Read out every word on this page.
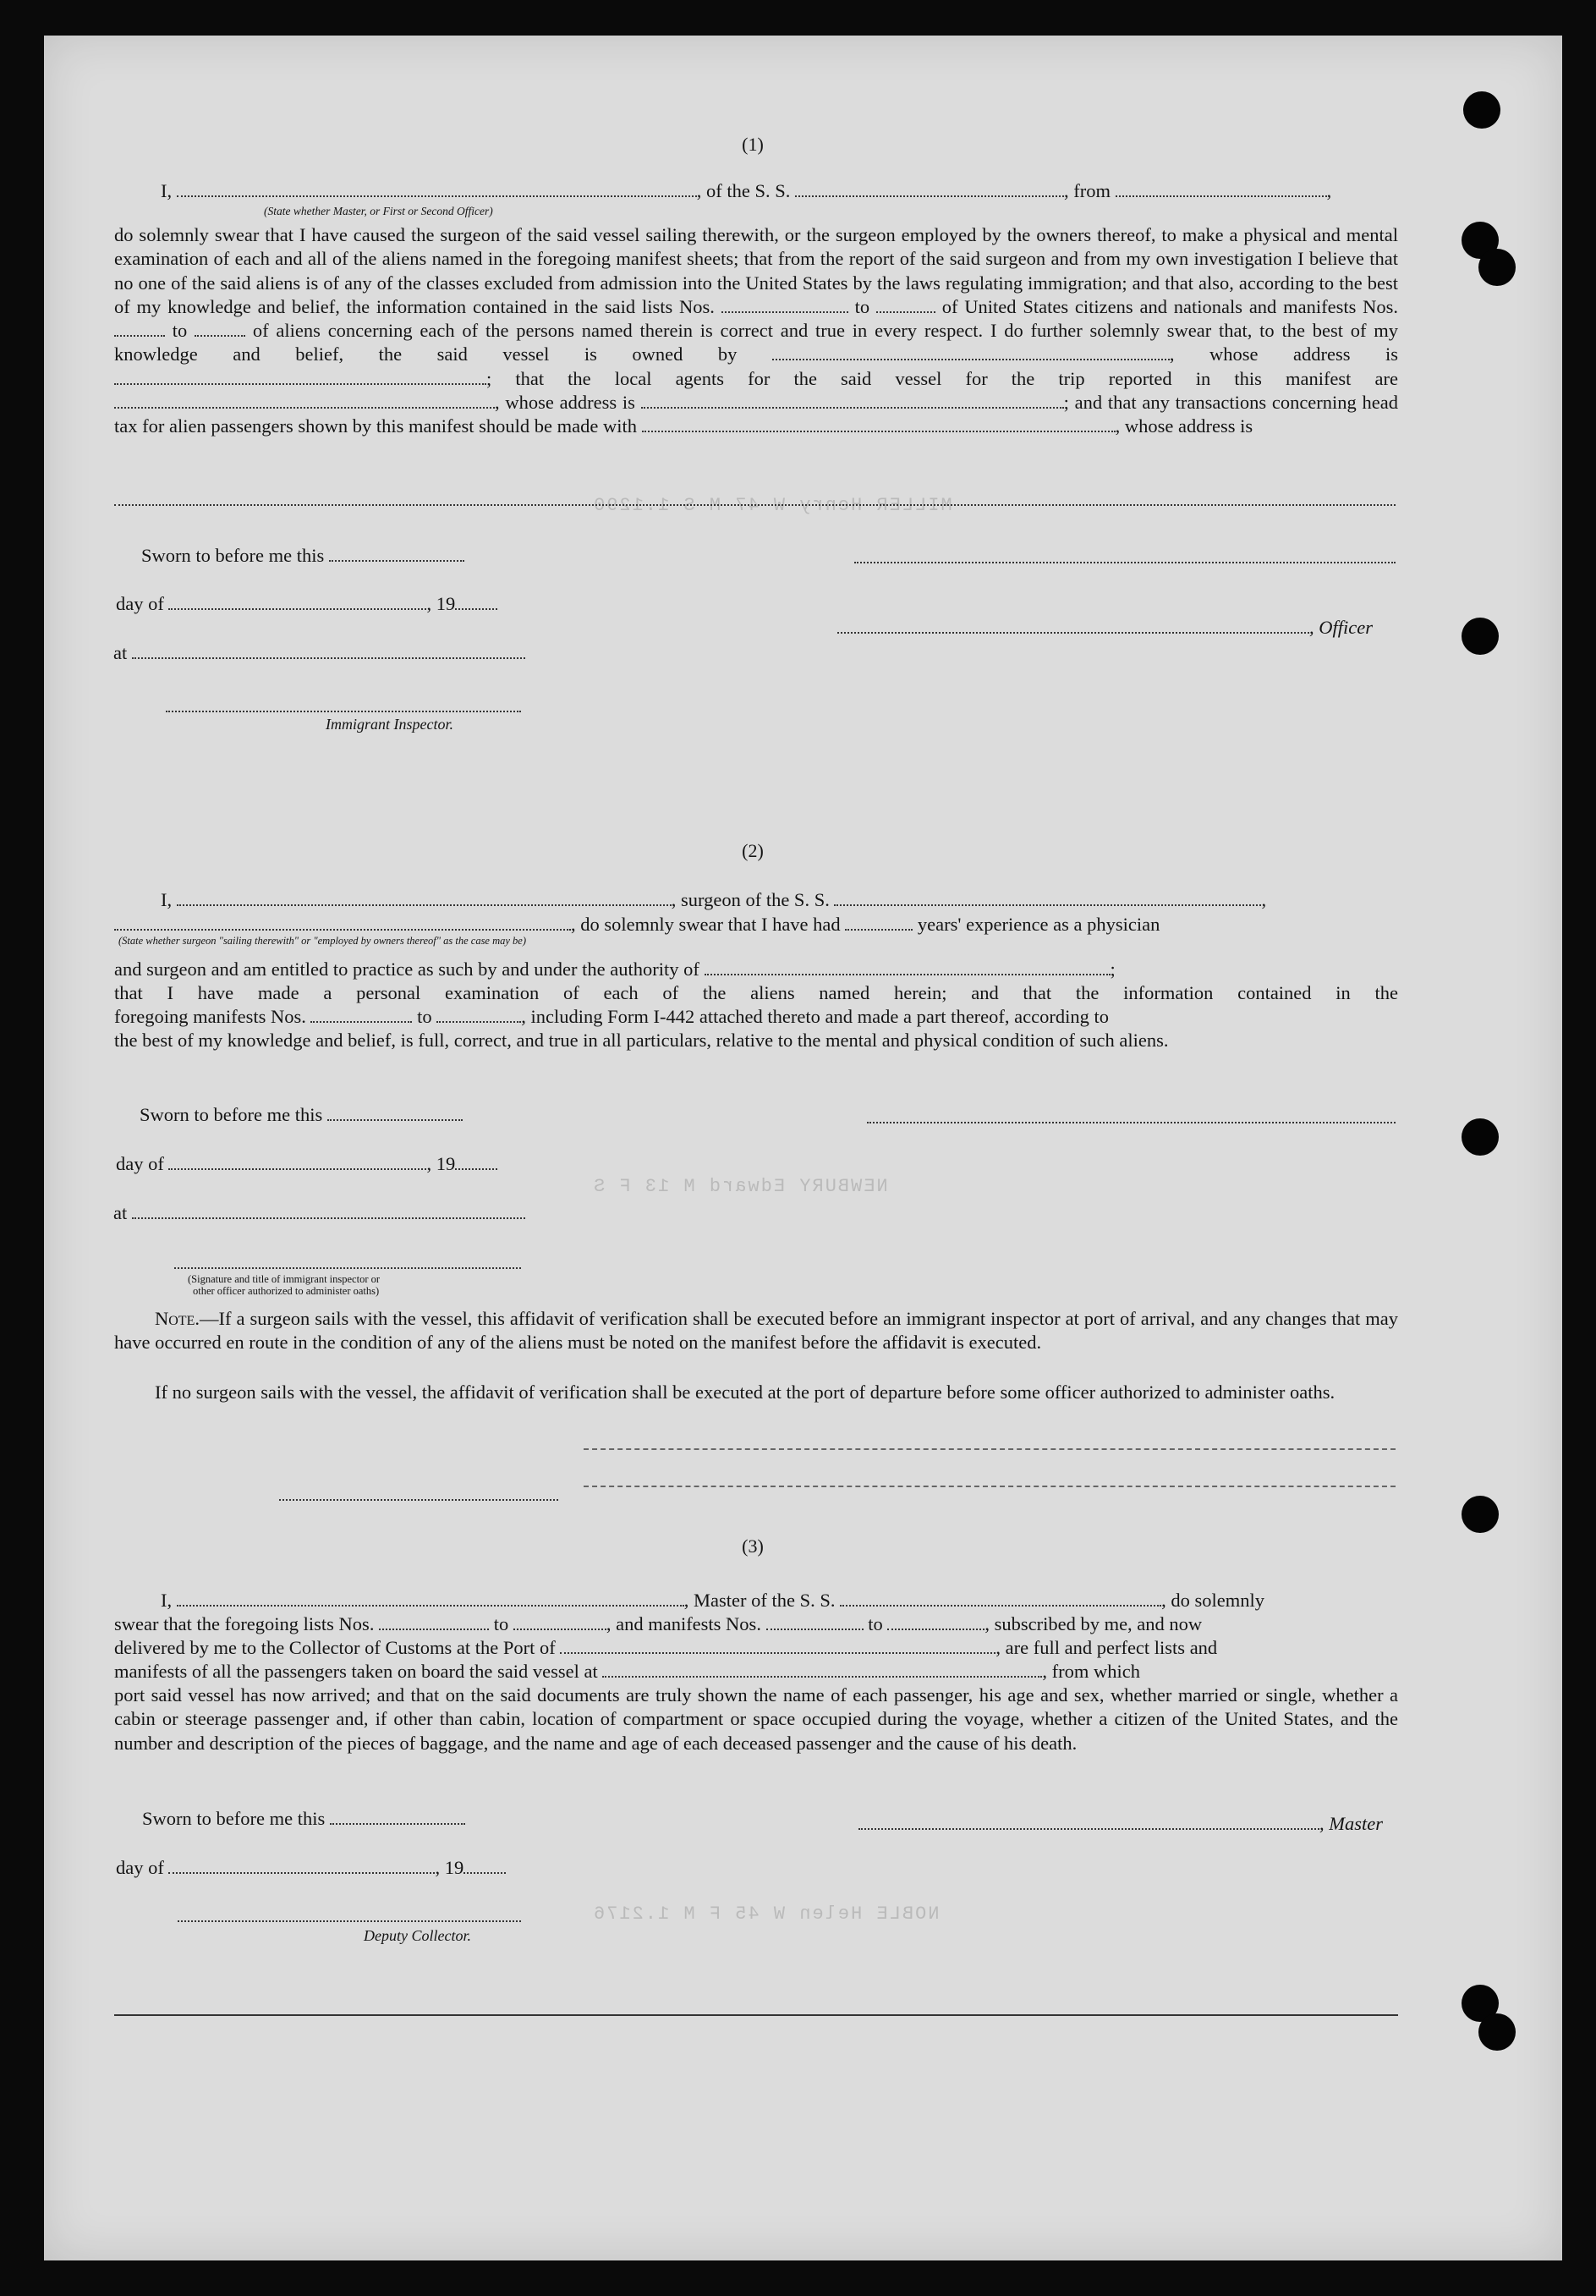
MILLER Henry W 47 M S 1.1290
NEWBURY Edward M 13 F S
NOBLE Helen W 45 F M 1.2176
(1)
I,	, of the S. S.	, from	,
(State whether Master, or First or Second Officer)
do solemnly swear that I have caused the surgeon of the said vessel sailing therewith, or the surgeon employed by the owners thereof, to make a physical and mental examination of each and all of the aliens named in the foregoing manifest sheets; that from the report of the said surgeon and from my own investigation I believe that no one of the said aliens is of any of the classes excluded from admission into the United States by the laws regulating immigration; and that also, according to the best of my knowledge and belief, the information contained in the said lists Nos.	to	of United States citizens and nationals and manifests Nos.  to	of aliens concerning each of the persons named therein is correct and true in every respect. I do further solemnly swear that, to the best of my knowledge and belief, the said vessel is owned by	, whose address is ; that the local agents for the said vessel for the trip reported in this manifest are , whose address is	; and that any transactions concerning head tax for alien passengers shown by this manifest should be made with	, whose address is
Sworn to before me this
day of	, 19
, Officer
at
Immigrant Inspector.
(2)
I,	, surgeon of the S. S.	,
, do solemnly swear that I have had	years' experience as a physician
(State whether surgeon "sailing therewith" or "employed by owners thereof" as the case may be)
and surgeon and am entitled to practice as such by and under the authority of	;
that I have made a personal examination of each of the aliens named herein; and that the information contained in the
foregoing manifests Nos.	to	, including Form I-442 attached thereto and made a part thereof, according to
the best of my knowledge and belief, is full, correct, and true in all particulars, relative to the mental and physical condition of such aliens.
Sworn to before me this
day of	, 19
at
(Signature and title of immigrant inspector or
other officer authorized to administer oaths)
Note.—If a surgeon sails with the vessel, this affidavit of verification shall be executed before an immigrant inspector at port of arrival, and any changes that may have occurred en route in the condition of any of the aliens must be noted on the manifest before the affidavit is executed.
If no surgeon sails with the vessel, the affidavit of verification shall be executed at the port of departure before some officer authorized to administer oaths.
(3)
I,	, Master of the S. S.	, do solemnly
swear that the foregoing lists Nos.	to	, and manifests Nos.	to	, subscribed by me, and now
delivered by me to the Collector of Customs at the Port of	, are full and perfect lists and
manifests of all the passengers taken on board the said vessel at	, from which
port said vessel has now arrived; and that on the said documents are truly shown the name of each passenger, his age and sex, whether married or single, whether a cabin or steerage passenger and, if other than cabin, location of compartment or space occupied during the voyage, whether a citizen of the United States, and the number and description of the pieces of baggage, and the name and age of each deceased passenger and the cause of his death.
Sworn to before me this	, Master
day of	, 19
Deputy Collector.
